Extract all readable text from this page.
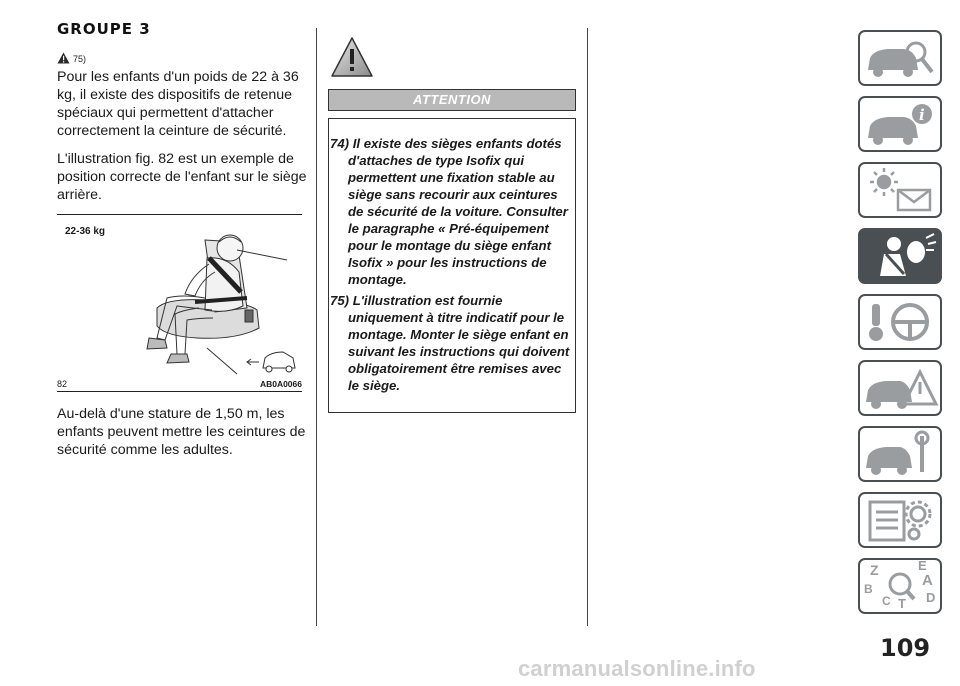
GROUPE 3
75)

Pour les enfants d'un poids de 22 à 36 kg, il existe des dispositifs de retenue spéciaux qui permettent d'attacher correctement la ceinture de sécurité.

L'illustration fig. 82 est un exemple de position correcte de l'enfant sur le siège arrière.

22-36 kg
82	AB0A0066

Au-delà d'une stature de 1,50 m, les enfants peuvent mettre les ceintures de sécurité comme les adultes.

ATTENTION
74) Il existe des sièges enfants dotés d'attaches de type Isofix qui permettent une fixation stable au siège sans recourir aux ceintures de sécurité de la voiture. Consulter le paragraphe « Pré-équipement pour le montage du siège enfant Isofix » pour les instructions de montage.
75) L'illustration est fournie uniquement à titre indicatif pour le montage. Monter le siège enfant en suivant les instructions qui doivent obligatoirement être remises avec le siège.
i
Z	E
A
B
C T D
109
carmanualsonline.info
